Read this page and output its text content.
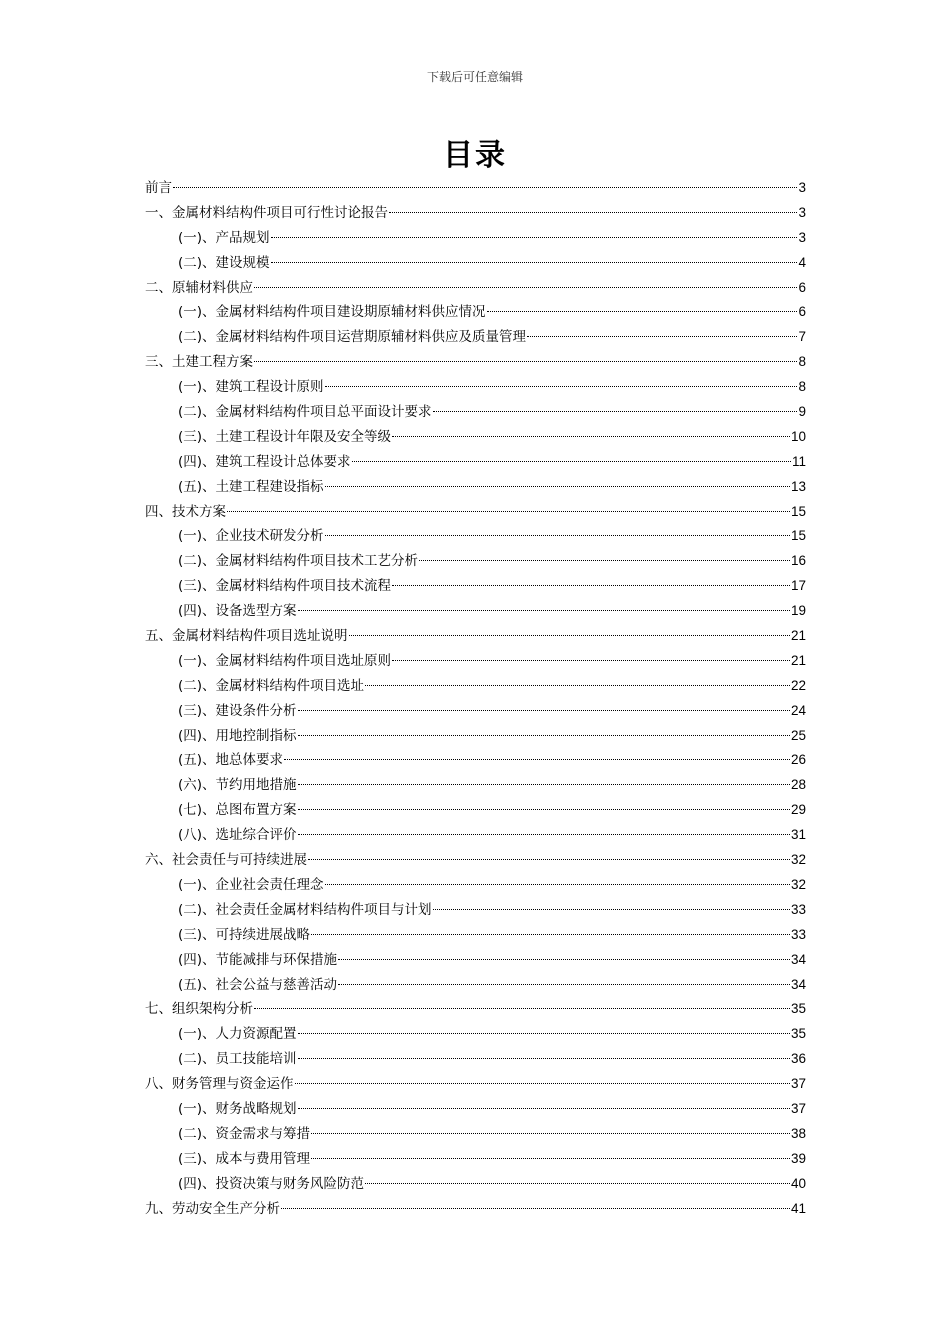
下载后可任意编辑
目录
前言	3
一、金属材料结构件项目可行性讨论报告	3
(一)、产品规划	3
(二)、建设规模	4
二、原辅材料供应	6
(一)、金属材料结构件项目建设期原辅材料供应情况	6
(二)、金属材料结构件项目运营期原辅材料供应及质量管理	7
三、土建工程方案	8
(一)、建筑工程设计原则	8
(二)、金属材料结构件项目总平面设计要求	9
(三)、土建工程设计年限及安全等级	10
(四)、建筑工程设计总体要求	11
(五)、土建工程建设指标	13
四、技术方案	15
(一)、企业技术研发分析	15
(二)、金属材料结构件项目技术工艺分析	16
(三)、金属材料结构件项目技术流程	17
(四)、设备选型方案	19
五、金属材料结构件项目选址说明	21
(一)、金属材料结构件项目选址原则	21
(二)、金属材料结构件项目选址	22
(三)、建设条件分析	24
(四)、用地控制指标	25
(五)、地总体要求	26
(六)、节约用地措施	28
(七)、总图布置方案	29
(八)、选址综合评价	31
六、社会责任与可持续进展	32
(一)、企业社会责任理念	32
(二)、社会责任金属材料结构件项目与计划	33
(三)、可持续进展战略	33
(四)、节能减排与环保措施	34
(五)、社会公益与慈善活动	34
七、组织架构分析	35
(一)、人力资源配置	35
(二)、员工技能培训	36
八、财务管理与资金运作	37
(一)、财务战略规划	37
(二)、资金需求与筹措	38
(三)、成本与费用管理	39
(四)、投资决策与财务风险防范	40
九、劳动安全生产分析	41
